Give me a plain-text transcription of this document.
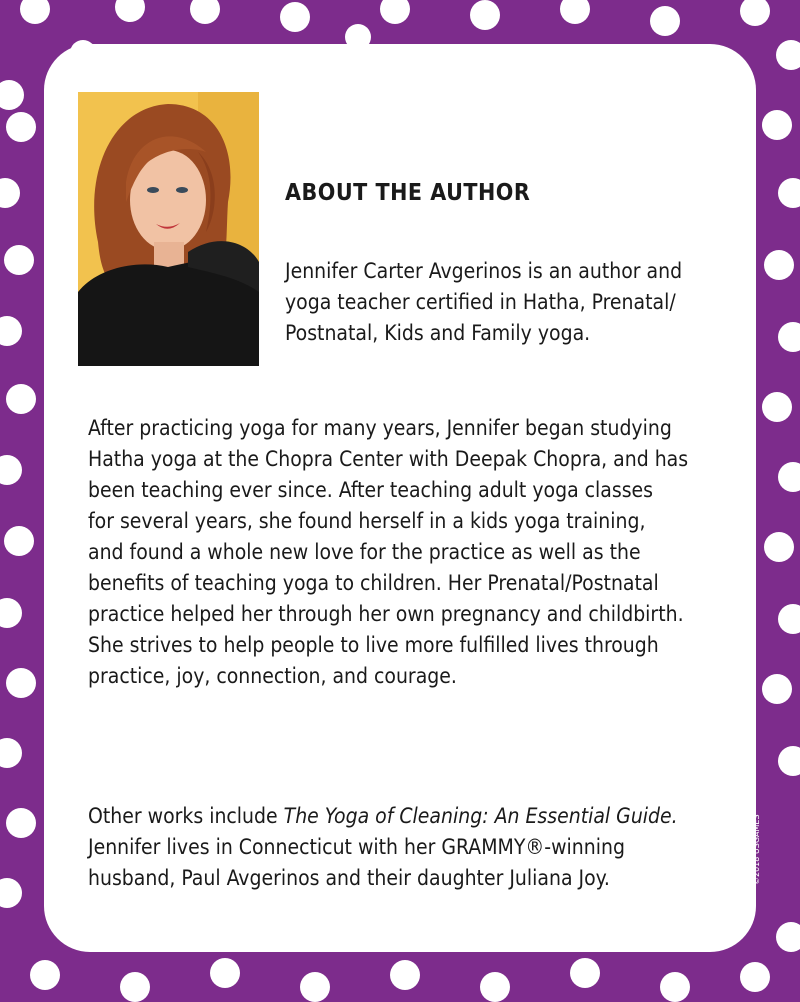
ABOUT THE AUTHOR

Jennifer Carter Avgerinos is an author and
yoga teacher certified in Hatha, Prenatal/
Postnatal, Kids and Family yoga.

After practicing yoga for many years, Jennifer began studying
Hatha yoga at the Chopra Center with Deepak Chopra, and has
been teaching ever since. After teaching adult yoga classes
for several years, she found herself in a kids yoga training,
and found a whole new love for the practice as well as the
benefits of teaching yoga to children. Her Prenatal/Postnatal
practice helped her through her own pregnancy and childbirth.
She strives to help people to live more fulfilled lives through
practice, joy, connection, and courage.

Other works include The Yoga of Cleaning: An Essential Guide.
Jennifer lives in Connecticut with her GRAMMY®-winning
husband, Paul Avgerinos and their daughter Juliana Joy.	©2018 USGAMES
